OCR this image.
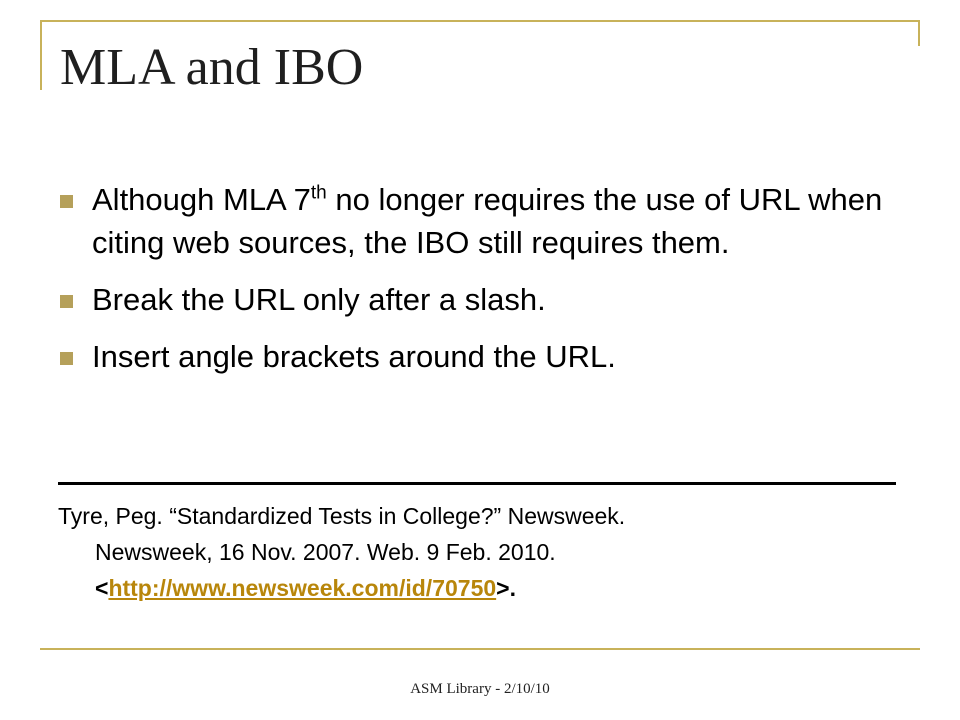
MLA and IBO
Although MLA 7th no longer requires the use of URL when citing web sources, the IBO still requires them.
Break the URL only after a slash.
Insert angle brackets around the URL.
Tyre, Peg. “Standardized Tests in College?” Newsweek.
Newsweek, 16 Nov. 2007. Web. 9 Feb. 2010.
<http://www.newsweek.com/id/70750>.
ASM Library - 2/10/10
